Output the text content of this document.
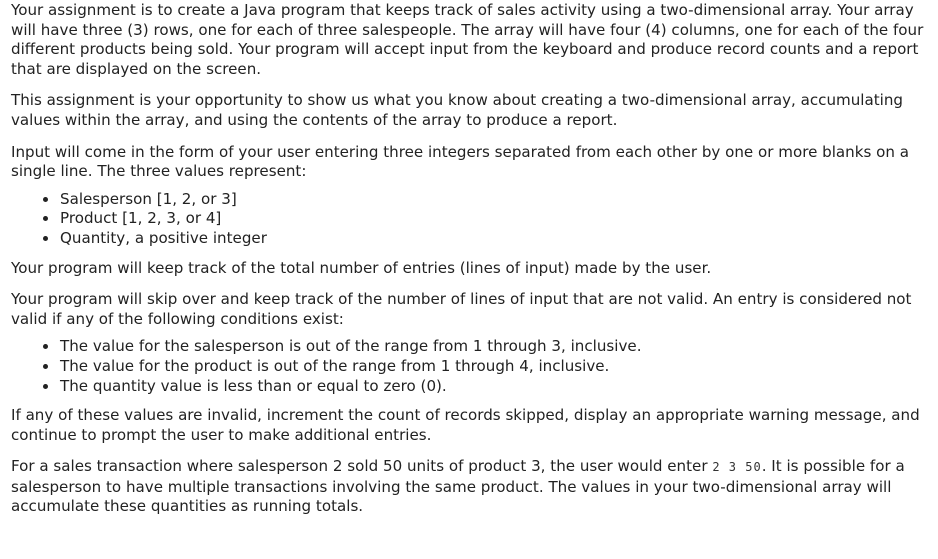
Your assignment is to create a Java program that keeps track of sales activity using a two-dimensional array. Your array will have three (3) rows, one for each of three salespeople. The array will have four (4) columns, one for each of the four different products being sold. Your program will accept input from the keyboard and produce record counts and a report that are displayed on the screen.

This assignment is your opportunity to show us what you know about creating a two-dimensional array, accumulating values within the array, and using the contents of the array to produce a report.

Input will come in the form of your user entering three integers separated from each other by one or more blanks on a single line. The three values represent:

• Salesperson [1, 2, or 3]
• Product [1, 2, 3, or 4]
• Quantity, a positive integer

Your program will keep track of the total number of entries (lines of input) made by the user.

Your program will skip over and keep track of the number of lines of input that are not valid. An entry is considered not valid if any of the following conditions exist:

• The value for the salesperson is out of the range from 1 through 3, inclusive.
• The value for the product is out of the range from 1 through 4, inclusive.
• The quantity value is less than or equal to zero (0).

If any of these values are invalid, increment the count of records skipped, display an appropriate warning message, and continue to prompt the user to make additional entries.

For a sales transaction where salesperson 2 sold 50 units of product 3, the user would enter 2 3 50. It is possible for a salesperson to have multiple transactions involving the same product. The values in your two-dimensional array will accumulate these quantities as running totals.
